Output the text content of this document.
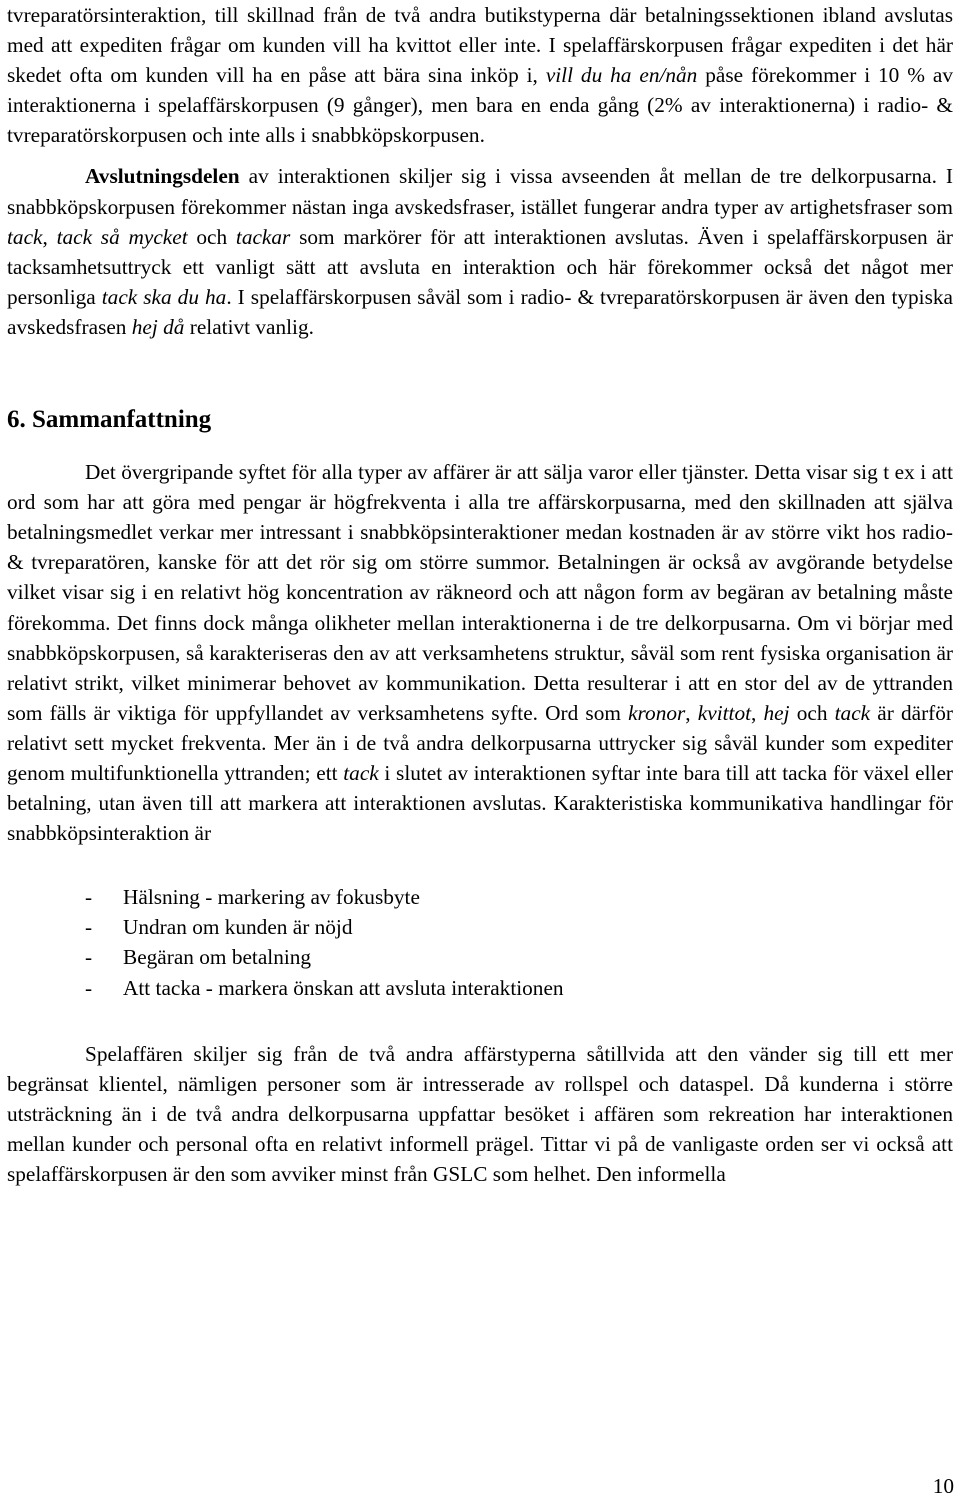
tvreparatörsinteraktion, till skillnad från de två andra butikstyperna där betalningssektionen ibland avslutas med att expediten frågar om kunden vill ha kvittot eller inte. I spelaffärskorpusen frågar expediten i det här skedet ofta om kunden vill ha en påse att bära sina inköp i, vill du ha en/nån påse förekommer i 10 % av interaktionerna i spelaffärskorpusen (9 gånger), men bara en enda gång (2% av interaktionerna) i radio- & tvreparatörskorpusen och inte alls i snabbköpskorpusen.

Avslutningsdelen av interaktionen skiljer sig i vissa avseenden åt mellan de tre delkorpusarna. I snabbköpskorpusen förekommer nästan inga avskedsfraser, istället fungerar andra typer av artighetsfraser som tack, tack så mycket och tackar som markörer för att interaktionen avslutas. Även i spelaffärskorpusen är tacksamhetsuttryck ett vanligt sätt att avsluta en interaktion och här förekommer också det något mer personliga tack ska du ha. I spelaffärskorpusen såväl som i radio- & tvreparatörskorpusen är även den typiska avskedsfrasen hej då relativt vanlig.

6. Sammanfattning

Det övergripande syftet för alla typer av affärer är att sälja varor eller tjänster. Detta visar sig t ex i att ord som har att göra med pengar är högfrekventa i alla tre affärskorpusarna, med den skillnaden att själva betalningsmedlet verkar mer intressant i snabbköpsinteraktioner medan kostnaden är av större vikt hos radio- & tvreparatören, kanske för att det rör sig om större summor. Betalningen är också av avgörande betydelse vilket visar sig i en relativt hög koncentration av räkneord och att någon form av begäran av betalning måste förekomma. Det finns dock många olikheter mellan interaktionerna i de tre delkorpusarna. Om vi börjar med snabbköpskorpusen, så karakteriseras den av att verksamhetens struktur, såväl som rent fysiska organisation är relativt strikt, vilket minimerar behovet av kommunikation. Detta resulterar i att en stor del av de yttranden som fälls är viktiga för uppfyllandet av verksamhetens syfte. Ord som kronor, kvittot, hej och tack är därför relativt sett mycket frekventa. Mer än i de två andra delkorpusarna uttrycker sig såväl kunder som expediter genom multifunktionella yttranden; ett tack i slutet av interaktionen syftar inte bara till att tacka för växel eller betalning, utan även till att markera att interaktionen avslutas. Karakteristiska kommunikativa handlingar för snabbköpsinteraktion är

- Hälsning - markering av fokusbyte
- Undran om kunden är nöjd
- Begäran om betalning
- Att tacka - markera önskan att avsluta interaktionen

Spelaffären skiljer sig från de två andra affärstyperna såtillvida att den vänder sig till ett mer begränsat klientel, nämligen personer som är intresserade av rollspel och dataspel. Då kunderna i större utsträckning än i de två andra delkorpusarna uppfattar besöket i affären som rekreation har interaktionen mellan kunder och personal ofta en relativt informell prägel. Tittar vi på de vanligaste orden ser vi också att spelaffärskorpusen är den som avviker minst från GSLC som helhet. Den informella

10
